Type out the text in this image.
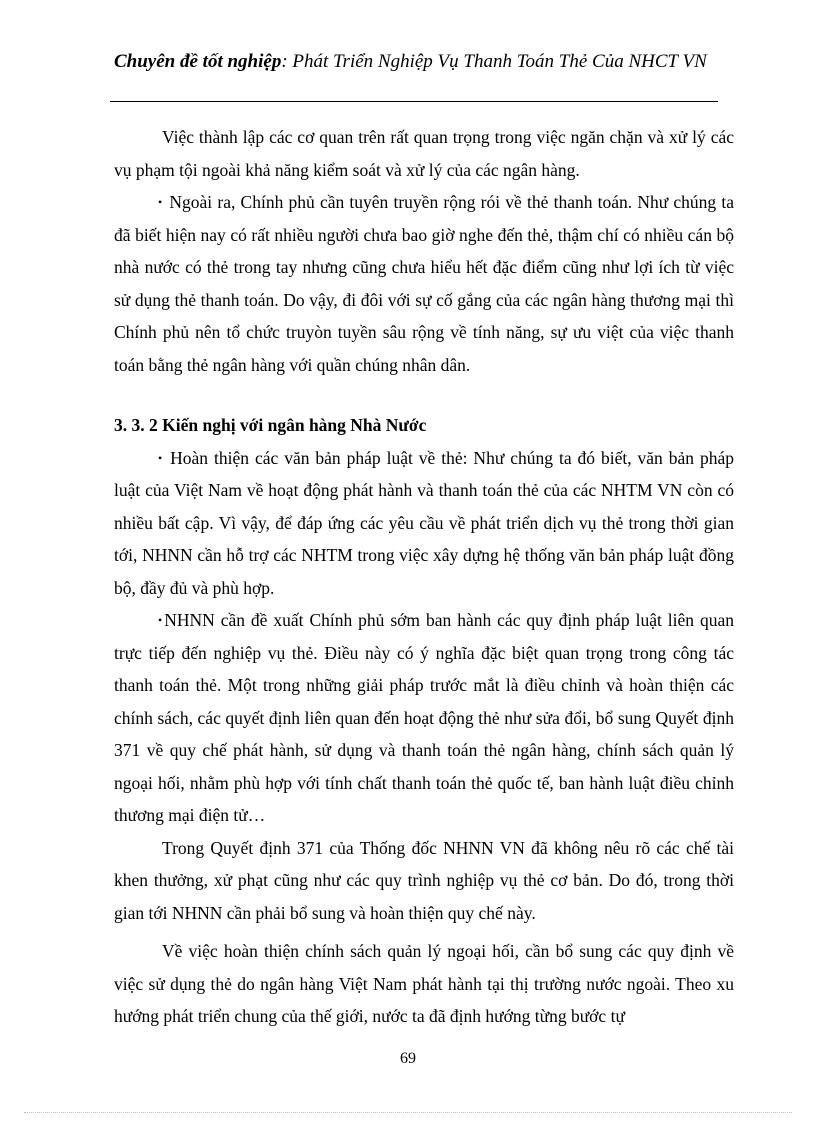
Chuyên đề tốt nghiệp: Phát Triển Nghiệp Vụ Thanh Toán Thẻ Của NHCT VN

Việc thành lập các cơ quan trên rất quan trọng trong việc ngăn chặn và xử lý các vụ phạm tội ngoài khả năng kiểm soát và xử lý của các ngân hàng.

• Ngoài ra, Chính phủ cần tuyên truyền rộng rói về thẻ thanh toán. Như chúng ta đã biết hiện nay có rất nhiều người chưa bao giờ nghe đến thẻ, thậm chí có nhiều cán bộ nhà nước có thẻ trong tay nhưng cũng chưa hiểu hết đặc điểm cũng như lợi ích từ việc sử dụng thẻ thanh toán. Do vậy, đi đôi với sự cố gắng của các ngân hàng thương mại thì Chính phủ nên tổ chức truyòn tuyền sâu rộng về tính năng, sự ưu việt của việc thanh toán bằng thẻ ngân hàng với quần chúng nhân dân.

3. 3. 2 Kiến nghị với ngân hàng Nhà Nước

• Hoàn thiện các văn bản pháp luật về thẻ: Như chúng ta đó biết, văn bản pháp luật của Việt Nam về hoạt động phát hành và thanh toán thẻ của các NHTM VN còn có nhiều bất cập. Vì vậy, để đáp ứng các yêu cầu về phát triển dịch vụ thẻ trong thời gian tới, NHNN cần hỗ trợ các NHTM trong việc xây dựng hệ thống văn bản pháp luật đồng bộ, đầy đủ và phù hợp.

• NHNN cần đề xuất Chính phủ sớm ban hành các quy định pháp luật liên quan trực tiếp đến nghiệp vụ thẻ. Điều này có ý nghĩa đặc biệt quan trọng trong công tác thanh toán thẻ. Một trong những giải pháp trước mắt là điều chỉnh và hoàn thiện các chính sách, các quyết định liên quan đến hoạt động thẻ như sửa đổi, bổ sung Quyết định 371 về quy chế phát hành, sử dụng và thanh toán thẻ ngân hàng, chính sách quản lý ngoại hối, nhằm phù hợp với tính chất thanh toán thẻ quốc tế, ban hành luật điều chỉnh thương mại điện tử…

Trong Quyết định 371 của Thống đốc NHNN VN đã không nêu rõ các chế tài khen thưởng, xử phạt cũng như các quy trình nghiệp vụ thẻ cơ bản. Do đó, trong thời gian tới NHNN cần phải bổ sung và hoàn thiện quy chế này.

Về việc hoàn thiện chính sách quản lý ngoại hối, cần bổ sung các quy định về việc sử dụng thẻ do ngân hàng Việt Nam phát hành tại thị trường nước ngoài. Theo xu hướng phát triển chung của thế giới, nước ta đã định hướng từng bước tự

69
